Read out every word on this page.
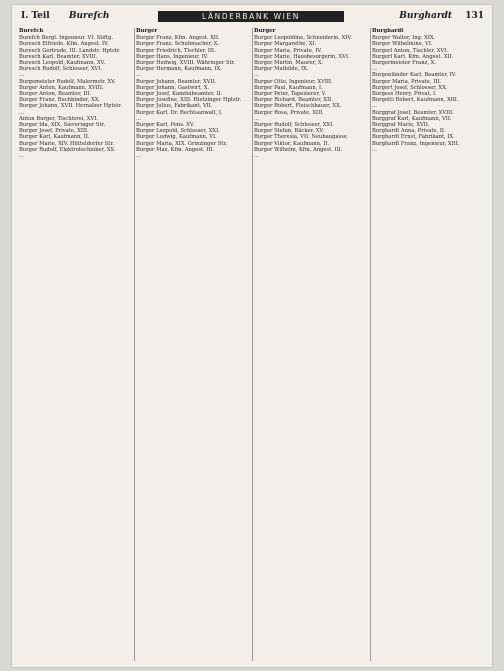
I. Teil Burefch	LÄNDERBANK WIEN	Burghardt 131
Burefch
Burefch Bergl. Ingenieur. VI. Stiftg.
Buresch Elfriede, Kfm. Angest. IV.
Buresch Gertrude, III. Landstr. Hptstr.
Buresch Karl, Beamter, XVIII.
Buresch Leopold, Kaufmann, XV.
Buresch Rudolf, Schlosser, XVI.
...
Burgemeister Rudolf, Malermstr. XV.
Burger Anton, Kaufmann, XVIII.
Burger Anton, Beamter, III.
Burger Franz, Buchbinder, XX.
Burger Johann, XVII. Hernalser Hptstr.
...
Anton Burger, Tischlerei, XVI.
Burger Ida, XIX. Sieveringer Str.
Burger Josef, Private, XIII.
Burger Karl, Kaufmann, II.
Burger Marie, XIV. Hütteldorfer Str.
Burger Rudolf, Elektrotechniker, XX.
...
Burger
Burger Franz, Kfm. Angest. XII.
Burger Franz, Schuhmacher, X.
Burger Friedrich, Tischler, III.
Burger Hans, Ingenieur, IV.
Burger Hedwig, XVIII. Währinger Str.
Burger Hermann, Kaufmann, IX.
...
Burger Johann, Beamter, XVII.
Burger Johann, Gastwirt, X.
Burger Josef, Kanzleibeamter, II.
Burger Josefine, XIII. Hietzinger Hptstr.
Burger Julius, Fabrikant, VII.
Burger Karl, Dr. Rechtsanwalt, I.
...
Burger Karl, Pens. XV.
Burger Leopold, Schlosser, XXI.
Burger Ludwig, Kaufmann, VI.
Burger Maria, XIX. Grinzinger Str.
Burger Max, Kfm. Angest. III.
...
Burger
Burger Leopoldine, Schneiderin, XIV.
Burger Margarethe, XI.
Burger Maria, Private, IV.
Burger Marie, Hausbesorgerin, XVI.
Burger Martin, Maurer, X.
Burger Mathilde, IX.
...
Burger Otto, Ingenieur, XVIII.
Burger Paul, Kaufmann, I.
Burger Peter, Tapezierer, V.
Burger Richard, Beamter, XII.
Burger Robert, Fleischhauer, XX.
Burger Rosa, Private, XIII.
...
Burger Rudolf, Schlosser, XXI.
Burger Stefan, Bäcker, XV.
Burger Theresia, VII. Neubaugasse
Burger Viktor, Kaufmann, II.
Burger Wilhelm, Kfm. Angest. III.
...
Burghardt
Burger Walter, Ing. XIX.
Burger Wilhelmine, VI.
Burgerl Anton, Tischler, XVI.
Burgerl Karl, Kfm. Angest. XII.
Burgermeister Franz, X.
...
Burgenländer Karl, Beamter, IV.
Burger Maria, Private, III.
Burgert Josef, Schlosser, XX.
Burgess Henry, Privat, I.
Burgetti Robert, Kaufmann, XIII.
...
Burggraf Josef, Beamter, XVIII.
Burggraf Karl, Kaufmann, VII.
Burggraf Marie, XVII.
Burghardt Anna, Private, II.
Burghardt Ernst, Fabrikant, IX.
Burghardt Franz, Ingenieur, XIII.
...
